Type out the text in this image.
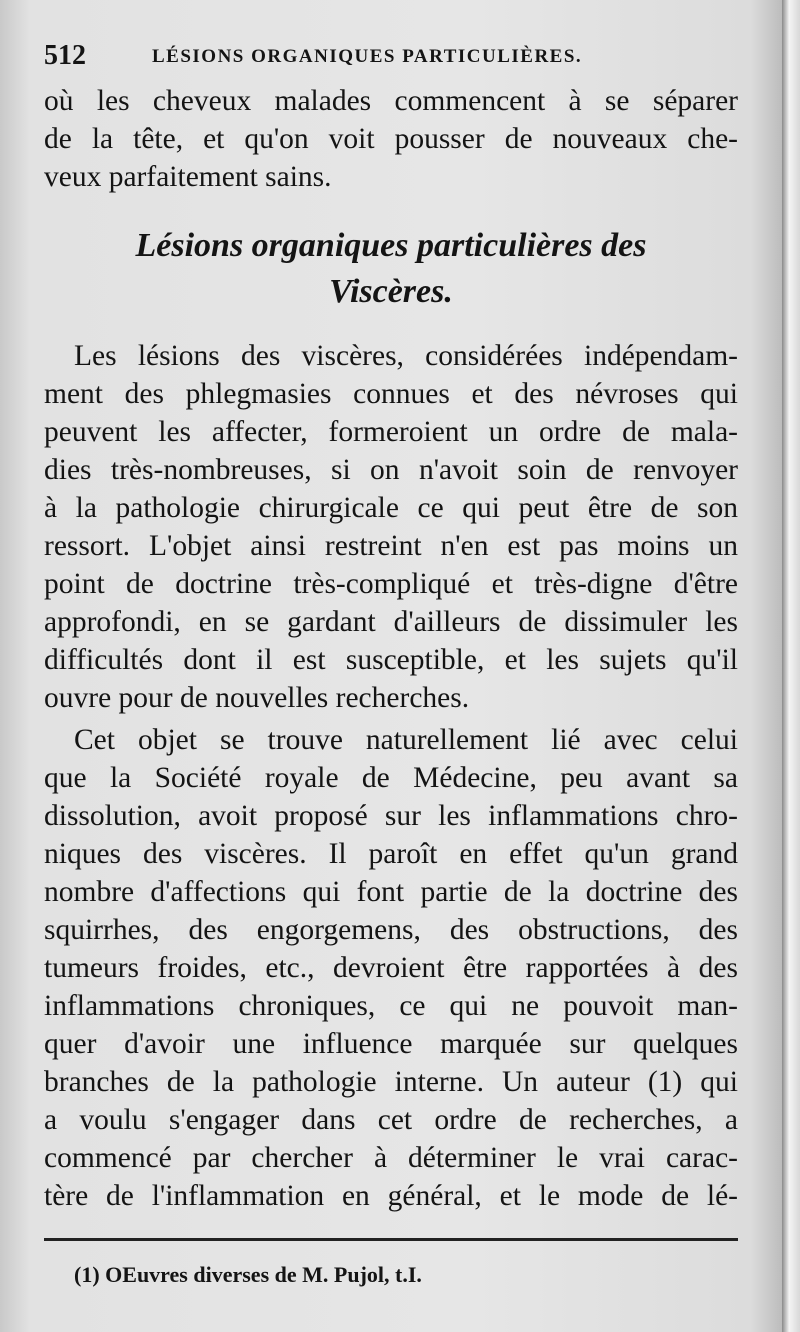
512	LÉSIONS ORGANIQUES PARTICULIÈRES.

où les cheveux malades commencent à se séparer

de la tête, et qu'on voit pousser de nouveaux che-

veux parfaitement sains.

Lésions organiques particulières des
Viscères.

Les lésions des viscères, considérées indépendam-

ment des phlegmasies connues et des névroses qui

peuvent les affecter, formeroient un ordre de mala-

dies très-nombreuses, si on n'avoit soin de renvoyer

à la pathologie chirurgicale ce qui peut être de son

ressort. L'objet ainsi restreint n'en est pas moins un

point de doctrine très-compliqué et très-digne d'être

approfondi, en se gardant d'ailleurs de dissimuler les

difficultés dont il est susceptible, et les sujets qu'il

ouvre pour de nouvelles recherches.

Cet objet se trouve naturellement lié avec celui

que la Société royale de Médecine, peu avant sa

dissolution, avoit proposé sur les inflammations chro-

niques des viscères. Il paroît en effet qu'un grand

nombre d'affections qui font partie de la doctrine des

squirrhes, des engorgemens, des obstructions, des

tumeurs froides, etc., devroient être rapportées à des

inflammations chroniques, ce qui ne pouvoit man-

quer d'avoir une influence marquée sur quelques

branches de la pathologie interne. Un auteur (1) qui

a voulu s'engager dans cet ordre de recherches, a

commencé par chercher à déterminer le vrai carac-

tère de l'inflammation en général, et le mode de lé-

(1) OEuvres diverses de M. Pujol, t.I.
